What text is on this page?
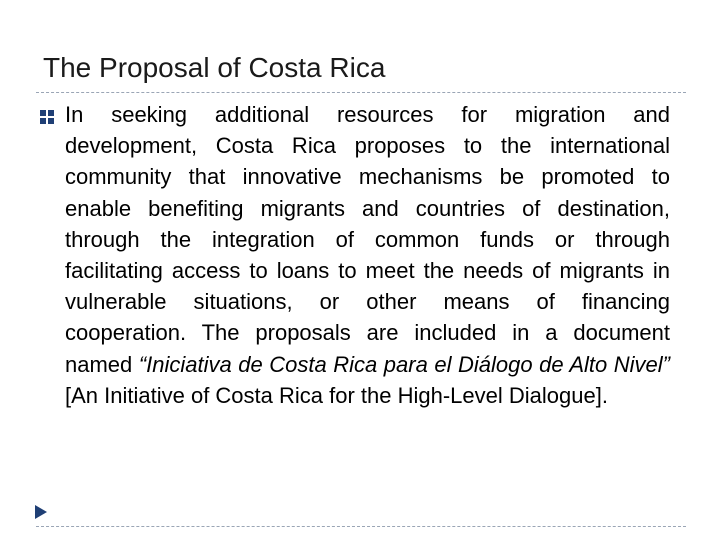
The Proposal of Costa Rica
In seeking additional resources for migration and development, Costa Rica proposes to the international community that innovative mechanisms be promoted to enable benefiting migrants and countries of destination, through the integration of common funds or through facilitating access to loans to meet the needs of migrants in vulnerable situations, or other means of financing cooperation. The proposals are included in a document named “Iniciativa de Costa Rica para el Diálogo de Alto Nivel” [An Initiative of Costa Rica for the High-Level Dialogue].
